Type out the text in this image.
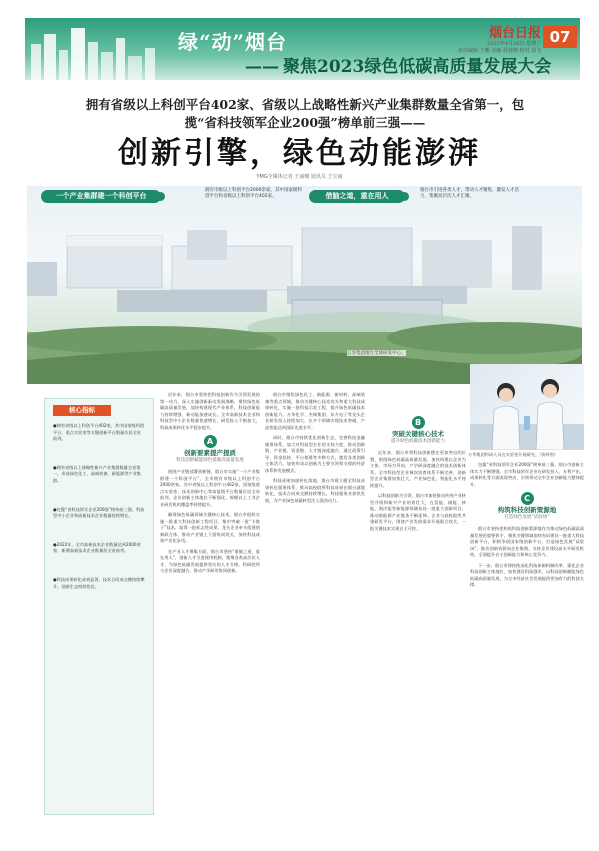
绿“动”烟台
—— 聚焦2023绿色低碳高质量发展大会
烟台日报
2023年4月26日 星期三
责任编辑 于鹏 美编 孙春晓 校对 刘飞
07
拥有省级以上科创平台402家、省级以上战略性新兴产业集群数量全省第一，包揽“省科技领军企业200强”榜单前三强——
创新引擎，绿色动能澎湃
YMG全媒体记者 王丽娜 通讯员 王宝丽
一个产业集群建一个科创平台
拥有市级以上科创平台2000余家，其中国家级科创平台和省级以上科创平台402家。	借脑之道，重在用人
烟台市引进各类人才，带动人才聚集，激发人才活力，集聚高层次人才汇聚。
万华集团烟台全球研发中心。
核心指标

●拥有省级以上科创平台402家，其中国家级科创平台、重点实验室等关键创新平台数量位居全省前列。

●拥有省级以上战略性新兴产业集群数量全省第一，形成绿色化工、高端装备、新能源等产业集群。

●包揽“省科技领军企业200强”榜单前三强，科技型中小企业和高新技术企业数量持续增长。

●2022年，全市高新技术企业数量达到2000余家，新增高新技术企业数量居全省前列。

●科技成果转化成效显著，技术合同成交额持续攀升，创新生态持续优化。

近年来，烟台市坚持把科技创新作为引领发展的第一动力，深入实施创新驱动发展战略，聚焦绿色低碳高质量发展，加快构建现代产业体系，科技创新能力持续增强，新动能加速成长。全市高新技术企业和科技型中小企业数量快速增长，研发投入不断加大，科技成果转化水平稳步提升。

A
创新要素提产提质
科技创新赋能绿色低碳高质量发展

围绕产业链部署创新链，烟台市实施“一个产业集群建一个科创平台”，全市拥有市级以上科创平台2000余家，其中省级以上科创平台402家，国家级重点实验室、技术创新中心等高能级平台数量位居全省前列。企业创新主体地位不断强化，规模以上工业企业研发机构覆盖率持续提升。

瞄准绿色低碳领域关键核心技术，烟台市组织实施一批重大科技创新工程项目，集中突破一批“卡脖子”技术，取得一批标志性成果。龙头企业牵头组建创新联合体，推动产业链上下游协同攻关，加快科技成果产业化步伐。

在产业人才聚集方面，烟台市坚持“借脑之道，重在用人”，创新人才引进使用机制，集聚各类高层次人才，为绿色低碳发展提供坚实的人才支撑。科研院所与企业深度融合，推动产学研用协同创新。

烟台市聚焦绿色化工、新能源、新材料、高端装备等重点领域，推动关键核心技术攻关和重大科技成果转化，实施一批科技示范工程，提升绿色低碳技术创新能力。万华化学、杰瑞集团、东方电子等龙头企业研发投入持续加大，在多个领域实现技术突破，产品性能达到国际先进水平。

同时，烟台市持续优化创新生态，完善科技金融服务体系，加大对科技型企业的支持力度，推动创新链、产业链、资金链、人才链深度融合。通过政策引导、资金扶持、平台搭建等多种方式，激发各类创新主体活力，加快形成以创新为主要引领和支撑的经济体系和发展模式。

科技成果加速转化落地，烟台市建立健全科技成果转化服务体系，推动高校院所科技成果在烟台就地转化，技术合同成交额持续增长，科技服务业加快发展，为产业绿色低碳转型注入强劲动力。

B
突破关键核心技术
提升绿色低碳技术创新能力

近年来，烟台市将科技创新摆在更加突出的位置，围绕绿色低碳高质量发展，加快构建以企业为主体、市场为导向、产学研深度融合的技术创新体系。全市科技型企业梯次培育体系不断完善，创新型企业集群加快壮大，产业绿色化、智能化水平持续提升。

以科技创新为引领，烟台市加快推动传统产业转型升级和新兴产业培育壮大，在氢能、储能、核能、海洋能等新能源领域布局一批重大创新项目，推动新能源产业链条不断延伸。企业与高校院所共建研发平台，围绕产业发展需求开展联合攻关，一批关键技术实现自主可控。

万华集团科研人员在实验室开展研究。（资料图）

包揽“省科技领军企业200强”榜单前三强，烟台市创新主体实力不断增强。全市科技领军企业在研发投入、专利产出、成果转化等方面表现突出，引领带动全市企业创新能力整体提升。

C
构筑科技创新策源地
打造绿色发展“试验场”

烟台市坚持把构筑科技创新策源地作为推动绿色低碳高质量发展的重要抓手，聚焦关键领域加快布局建设一批重大科技创新平台，积极争创国家级创新平台，打造绿色发展“试验场”。推动创新资源向企业集聚，支持企业建设高水平研发机构，全面提升自主创新能力和核心竞争力。

下一步，烟台市将持续深化科技体制机制改革，强化企业科技创新主体地位，加快建设科技强市，以科技创新赋能绿色低碳高质量发展，为全市经济社会发展提供更加有力的科技支撑。
